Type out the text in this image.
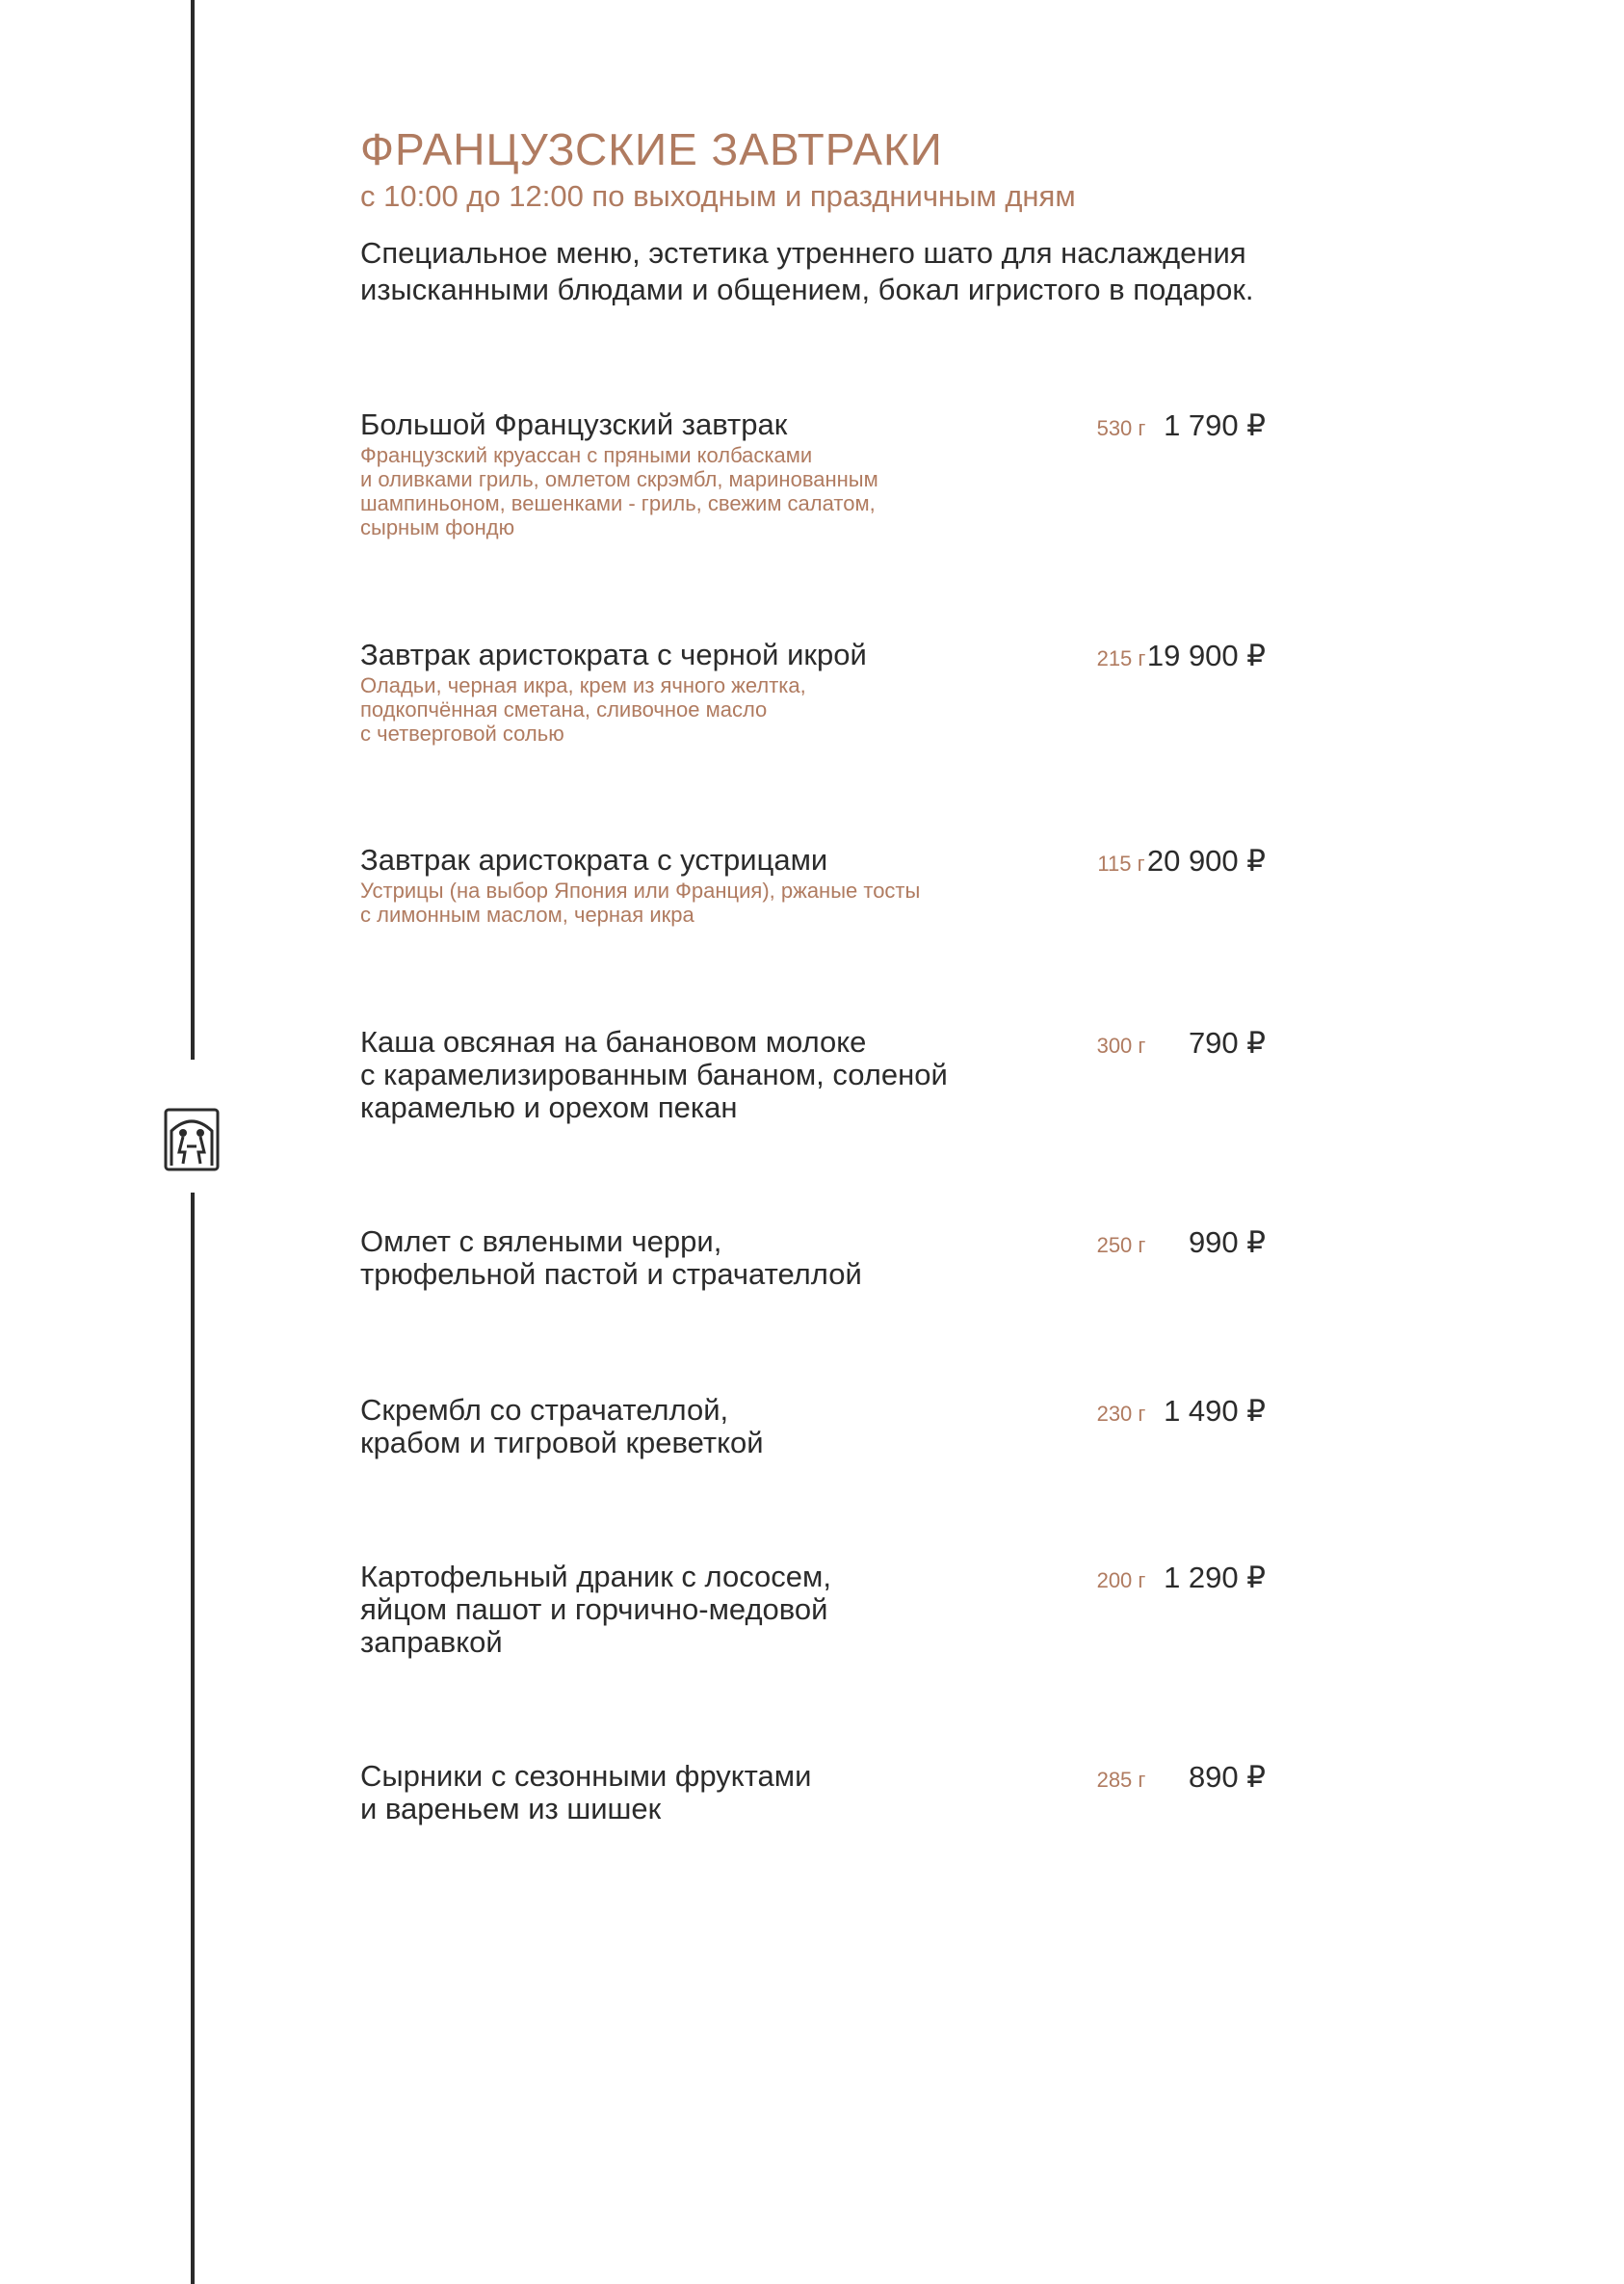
ФРАНЦУЗСКИЕ ЗАВТРАКИ
с 10:00 до 12:00 по выходным и праздничным дням
Специальное меню, эстетика утреннего шато для наслаждения
изысканными блюдами и общением, бокал игристого в подарок.
Большой Французский завтрак
Французский круассан с пряными колбасками
и оливками гриль, омлетом скрэмбл, маринованным
шампиньоном, вешенками - гриль, свежим салатом,
сырным фондю
530 г 1 790 ₽
Завтрак аристократа с черной икрой
Оладьи, черная икра, крем из ячного желтка,
подкопчённая сметана, сливочное масло
с четверговой солью
215 г 19 900 ₽
Завтрак аристократа с устрицами
Устрицы (на выбор Япония или Франция), ржаные тосты
с лимонным маслом, черная икра
115 г 20 900 ₽
Каша овсяная на банановом молоке
с карамелизированным бананом, соленой
карамелью и орехом пекан
300 г	790 ₽
Омлет с вялеными черри,
трюфельной пастой и страчателлой
250 г	990 ₽
Скрембл со страчателлой,
крабом и тигровой креветкой
230 г 1 490 ₽
Картофельный драник с лососем,
яйцом пашот и горчично-медовой
заправкой
200 г 1 290 ₽
Сырники с сезонными фруктами
и вареньем из шишек
285 г	890 ₽
